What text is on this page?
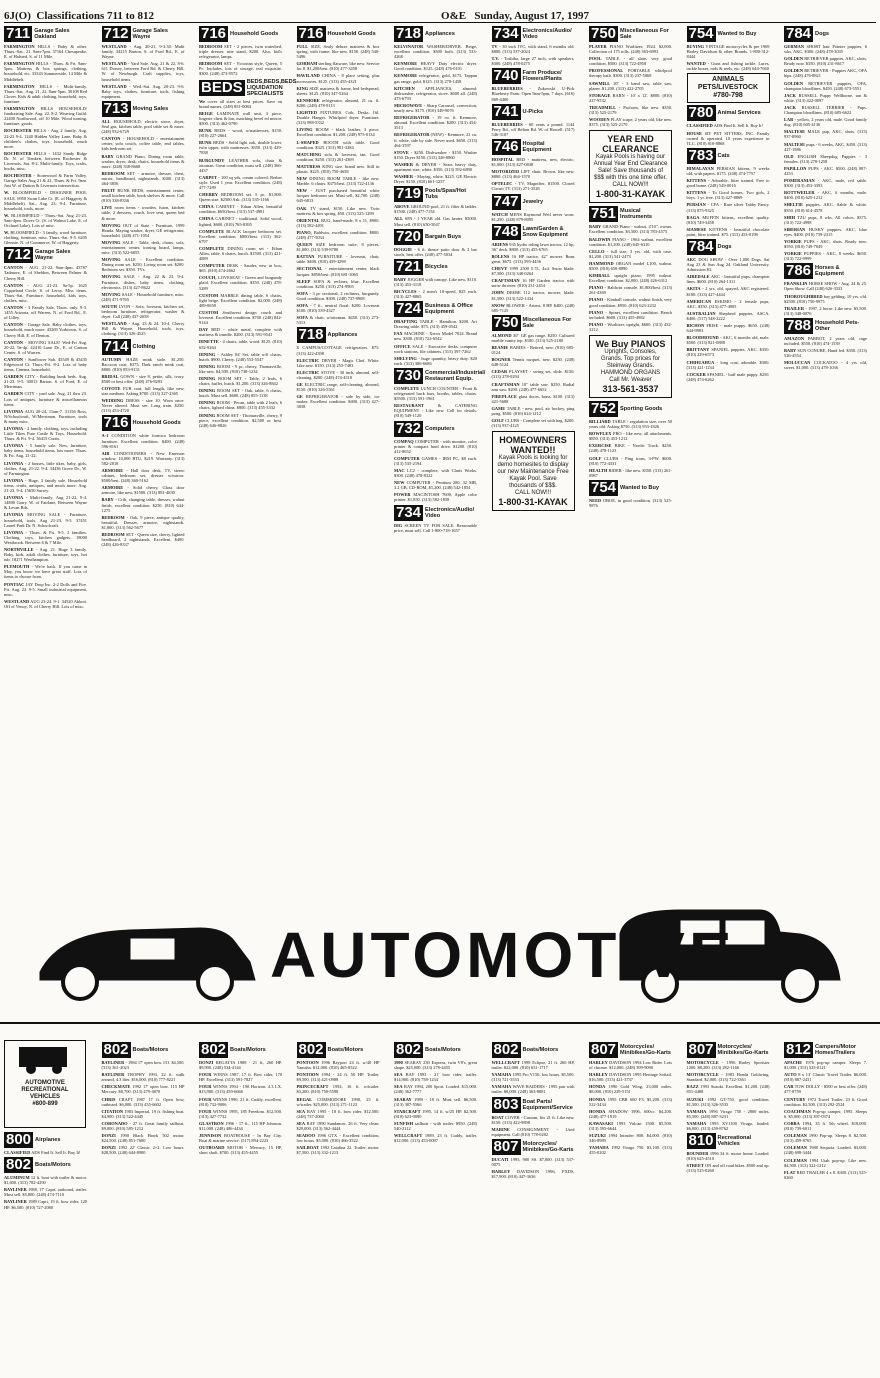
6J(O) Classifications 711 to 812	O&E Sunday, August 17, 1997
711 Garage Sales Oakland
FARMINGTON HILLS - Baby & other. Thurs.-Sat., 21. 9am-7pm. 37164 Chesapeake, E. of Halsted, S. of 11 Mile.
FARMINGTON HILLS - Thurs. & Fri. 9am-5pm. Mattress & box springs, clothing, household, etc. 33343 Summerside, 14 Mile & Middlebelt.
FARMINGTON HILLS - Multi-family. Thurs.-Sat., Aug. 21, 22. 8am-5pm. 30108 Red Clover. Kids & adult clothing, household, toys, furniture.
FARMINGTON HILLS HOUSEHOLD/ fundraising Sale. Aug. 22, 8-2. Weaving Guild. 22400 Northwood, off 10 Mile. Wood turning, furniture, goods.
ROCHESTER HILLS - Aug 2 family. Aug. 22-23 9-4. 1240 Hidden Valley Lane. Baby & children's clothes, toys, household, much more.
ROCHESTER HILLS - 1432 Sandy Ridge Dr. N. of Tienken, between Rochester & Livernois. Sat. 8-2. Multi-family. Toys, crafts, books, misc.
ROCHESTER - Stonewood & Farm Valley. Garage Sales Aug 21 & 22, Thurs. & Fri. 9am. Just W. of Dutton & Livernois intersection.
W. BLOOMFIELD - DESIGNER POOL SALE. 6950 Swan Lake Ct. (E. of Haggerty & Middlebelt). Sat., Aug. 23, 9-4. Furniture, household, tools, more.
W. BLOOMFIELD - Thurs.-Sat. Aug 21-23. 9am-4pm. Dover Ct. (S. of Walnut Lake, E. of Orchard Lake). Lots of misc.
W. BLOOMFIELD - 3 family, wood furniture, clothing, furniture, misc. Thurs.-Sat. 9-5. 6205 Glennie. N. of Commerce, W. of Haggerty.
712 Garage Sales Wayne
CANTON - AUG. 21-22, 9am-4pm. 43787 Tadmore, E. of Sheldon, Between Palmer & Cherry Hill.
CANTON - AUG 21-23. 9a-5p. 1625 Coppeland Circle, S. of Leroy. Misc items. Thurs.-Sat. Furniture, household, kids toys, clothes, misc.
CANTON - 3 Family Sale. Thurs. only. 9-3. 1455 Arizona, off Warren. N. of Ford Rd., E. of Lilley.
CANTON - Garage Sale. Baby clothes, toys, household, much more. 43269 Yorktown, S. of Cherry Hill, E. of Denton.
CANTON - MOVING SALE! Wed-Fri Aug. 20-22, 9a-4p. 42410 Lone Dr., E. of Canton Center, S. of Warren.
CANTON - Sunflower Sub. 45549 & 45435 Edgewood Ct. Thurs.-Fri. 8-2. Lots of baby items, Cinema, household.
GARDEN CITY - Building bunk beds. Aug. 21-23. 9-5. 30013 Barton. S. of Ford, E. of Merriman.
GARDEN CITY - yard sale. Aug. 21 thru 23. Lots of antiques, furniture & miscellaneous items.
LIVONIA AUG 20-24, 11am-7. 31156 Ross, N/Schoolcraft, W/Merriman. Furniture, tools & many misc.
LIVONIA - 2 family. clothing, toys, including Little Tikes Pure Castle & Toys. Household. Thurs. & Fri. 9-4. 36415 Curtis.
LIVONIA - 5 family sale. New, furniture, baby items, household items, lots more. Thurs. & Fri. Aug. 21-22.
LIVONIA - 2 houses, little tikes, baby, girls, clothes, Aug. 21-22. 9-4. 34436 Grove Dr., W. of Farmington.
LIVONIA - Huge, 3 family sale. Household items, crafts, antiques, and much more. Aug. 21-23. 9-4. 15650 Surrey.
LIVONIA - Multi-family. Aug 21-22, 9-4. 14800 Garry. W. of Fairlane, Between Wayne & Levan Rds.
LIVONIA MOVING SALE - Furniture, household, tools. Aug 21-23, 9-5. 37451 Laurel Park Dr. N. Schoolcraft.
LIVONIA - Thurs. & Fri. 9-5. 2 families. Clothing, toys, kitchen gadgets. 18000 Westbrook. Between 6 & 7 Mile.
NORTHVILLE - Aug. 21. Huge 3 family. Baby, kids, adult clothes, furniture, toys, hot tub. 18271 Westhampton.
PLYMOUTH - We're back. If you came in May, you know we have great stuff. Lots of items to choose from.
PONTIAC JAY Drop Inc. 2-2 Dolls and Fire. Fri. Aug. 22. 9-5. Small industrial equipment, misc.
WESTLAND AUG 23-24. 9-1. 34520 Abbott. Off of Venoy, N. of Cherry Hill. Lots of misc.
712 Garage Sales Wayne
WESTLAND - Aug. 20-21, 9-3:30. Multi family. 34215 Barton, S. of Ford Rd., E. of Wayne.
WESTLAND - Yard Sale. Aug. 21 & 22, 8-6. 611 Dorsey, between Ford Rd. & Cherry Hill, W. of Newburgh. Craft supplies, toys, household items.
WESTLAND - Wed.-Sat. Aug. 20-23. 9-6. Baby toys, clothes, furniture, tools, fishing equipment.
713 Moving Sales
ALL HOUSEHOLD, electric stove, dryer, Seal gas, kitchen table, pool table set & more. (248) 932-6729
CANTON - HOUSEHOLD - entertainment center, sofa couch, coffee table, end tables, kids bedroom set.
BABY GRAND Piano, Dining room table, washer, dryer, desk, chairs, household items & more. (248) 338-8668
BEDROOM SET - armoire, dresser, chest, mirror, headboard, nightstands. $300. (313) 464-3856
FRUIT BUNK BEDS, entertainment center, small kitchen table, book shelves & more. Call (810) 338-8336
LIVE room items - wooden, futon, kitchen table, 2 dressers, couch, love seat, queen bed & more.
MOVING OUT of State - Furniture, 1999 Honda. Maytag washer, dryer, GE refrigerator, household. (248) 471-1054
MOVING SALE - Table, desk, chairs, sofa, entertainment center, ironing board, lamps, misc. (313) 522-6855
MOVING SALE - Excellent condition. Dining room set. $250. Living room set. $200. Bedroom set. $350. TVs.
MOVING SALE - Aug. 22 & 23. 9-4. Furniture, dishes, baby items, clothing, electronics. (313) 427-8622
MOVING SALE - Household furniture, misc. (248) 471-9765
SOUTH LYON - Sofa, loveseat, kitchen set, bedroom furniture, refrigerator, washer & dryer. Call (248) 437-2658
WESTLAND - Aug. 23 & 24. 10-4. Cherry Hill & Wayne. Household, tools, toys, clothing. (313) 326-4525
714 Clothing
AUTUMN HAZE mink stole. $1,250. Raccoon coat, $375. Dark ranch mink coat, $800. (810) 853-9131
BRIDAL GOWN - size 8, petite, silk, ivory. $500 or best offer. (248) 476-8283
COYOTE FUR coat, full length, like new, size medium. Asking $700. (313) 327-2365
WEDDING DRESS - size 10. Worn once. Never altered. Must see. Long train. $250. (313) 453-4720
716 Household Goods
A-1 CONDITION white formica bedroom furniture. Excellent condition. $400. (248) 596-8161
AIR CONDITIONERS - New Emerson window, 10,000 BTU, $219. Warranty. (313) 582-2818
ARMOIRE - Hall door desk, TV, stereo cabinet, bedroom set, dresser w/mirror. $500/best. (248) 360-5162
ARMOIRE - Solid cherry, Glass door armoire, like new, $1500. (313) 881-4830
BABY - Crib, changing table, dresser, walnut finish, excellent condition. $250. (810) 644-1275
BEDROOM - Oak, 9 piece, antique quality, beautiful. Dresser, armoire, nightstands. $1,800. (313) 562-5677
BEDROOM SET - Queen size, cherry, lighted headboard, 2 nightstands. Excellent. $400. (248) 426-8337
716 Household Goods
BEDROOM SET - 2 pieces, twin waterbed, triple dresser, nite stand, $200. Also, kid's refrigerator, lamps.
BEDROOM SET - Victorian style, Queen, 5 Pc. Includes, lots of storage, real exquisite. $300. (248) 473-9572
BEDS BEDS,BEDS,BEDS LIQUIDATION SPECIALISTS
We cover all sizes at best prices. Save on brand names. (248) 851-0084
BEIGE LAMINATE wall unit, 3 piece, lingerie chest & bar, matching bevel ed mirror. $500. (313) 462-0790
BUNK BEDS - wood, w/mattresses, $150. (810) 227-2664
BUNK BEDS - Solid light oak, double lower, twin upper, with mattresses. $350. (313) 429-7838
BURGUNDY LEATHER sofa, chair & ottoman. Great condition, must sell. (248) 366-4437
CARPET - 100 sq yds, cream colored, Berber style. Used 1 year. Excellent condition. (248) 477-7289
CHERRY BEDROOM set. 5 pc. $1,800. Queen size. $2500 Ask. (313) 535-1166
CHINA CABINET - Ethan Allen, beautiful condition. $650/best. (313) 537-4981
CHINA CABINET - traditional. Solid wood, lighted, $600. (810) 765-8395
COMPLETE BLACK lacquer bedroom set. Excellent condition. $800/best. (313) 362-6797
COMPLETE DINING room set - Ethan Allen, table, 6 chairs, hutch. $1500. (313) 421-4889
COMPUTER DESK - Sauder, new in box, $65. (810) 474-2662
COUCH, LOVESEAT - Green and burgundy plaid. Excellent condition. $350. (248) 478-5289
CUSTOM MARBLE dining table, 6 chairs, light beige. Excellent condition. $2,000. (248) 489-0658
CUSTOM Southwest design couch and loveseat. Excellent condition. $700. (248) 842-9144
DAY BED - white metal, complete with mattress & trundle. $200. (313) 591-9541
DINETTE - 4 chairs, table, wood. $125. (810) 652-9264
DINING - Ashley 84' Set, table w/6 chairs, hutch. $900. Cherry. (248) 553-5547
DINING ROOM - 9 pc, cherry, Thomasville, like new. $4,500. (810) 738-1234
DINING ROOM SET - Table, 2 leafs, 6 chairs, buffet, hutch. $1,200. (313) 326-8842
DINING ROOM SET - Oak, table, 6 chairs, hutch. Must sell. $600. (248) 855-1138
DINING ROOM - Pecan, table with 2 leafs, 6 chairs, lighted china. $800. (313) 455-3332
DINING ROOM SET - Thomasville, cherry, 9 piece, excellent condition. $2,500 or best. (248) 646-8826
716 Household Goods
FULL SIZE, Sealy deluxe mattress & box spring, with frame, like new. $150. (248) 540-5496
GORHAM sterling flatware, like new. Service for 8. $1,200/best. (810) 477-3458
HAVILAND CHINA - 8 place setting, plus accessories. $125. (313) 455-4321
KING SIZE mattress & frame, bed bedspread, sheets. $125. (810) 347-5264
KENMORE refrigerator, almond, 21 cu. ft. $200. (248) 478-9113
LIGHTED FIXTURES. Crib, Desks. Oil. Double Hanger. Whirlpool dryer. Furniture. (313) 988-5332
LIVING ROOM - black leather, 3 piece. Excellent condition. $1,200. (248) 975-0134
L-SHAPED BOOTH with table. Good condition. $325. (313) 981-3284
MATCHING sofa & loveseat, tan. Good condition. $250. (313) 261-4369
MATTRESS KING size. brand new. Still in plastic. $225. (810) 750-4658
NEW DINING ROOM TABLE - like new. Marble. 6 chairs. $375/best. (313) 722-4136
NEW - JUST purchased beautiful white lacquer bedroom set. Must sell, $2,700. (248) 645-6813
OAK TV stand, $150. Like new. Twin mattress & box spring. $50. (313) 525-1299
ORIENTAL RUG, hand-made, 8 x 11, $900. (313) 582-4491
PIANO, Baldwin, excellent condition. $800. (248) 477-5034
QUEEN SIZE bedroom suite, 8 pieces, $1,000. (313) 539-8780
RATTAN FURNITURE - loveseat, chair, table. $400. (810) 459-3298
SECTIONAL - entertainment center, black lacquer. $850/best. (810) 681-3065
SLEEP SOFA & recliner, blue. Excellent condition. $250. (313) 274-9905
SOFA - 3 pc sectional, 2 recliners, burgundy. Good condition. $300. (248) 737-9908
SOFA - 7 ft., neutral floral. $200. Loveseat $100. (810) 539-4327
SOFA & chair, w/ottoman. $450. (313) 273-5313
718 Appliances
3 CAMPUS/COTTAGE refrigerators. $75. (313) 422-4398
ELECTRIC DRYER - Magic Chef, White. Like new. $150. (313) 255-7483
ELECTRIC STOVE - 30 inch, almond, self-cleaning. $200. (248) 474-4318
GE ELECTRIC range, self-cleaning, almond, $150. (810) 326-5561
GE REFRIGERATOR - side by side, ice maker. Excellent condition. $400. (313) 427-3838
718 Appliances
KELVINATOR WASHER/DRYER. Beige, excellent condition. $300 both. (313) 533-4268
KENMORE HEAVY Duty electric dryer. Good condition. $125. (248) 476-0101
KENMORE refrigerator, gold, $175. Tappan gas range, gold, $125. (313) 278-1458
KITCHEN APPLIANCES, almond: dishwasher, refrigerator, stove. $600 all. (248) 473-6793
MICROWAVE - Sharp Carousel, convection, nearly new. $175. (810) 349-9076
REFRIGERATOR - 19 cu. ft. Kenmore, almond. Excellent condition. $200. (313) 454-3513
REFRIGERATOR (NEW) - Kenmore, 21 cu. ft. white, side by side. Never used. $650. (313) 464-3597
STOVE - $250. Dishwasher - $150. Washer $150. Dryer $150. (313) 326-0860
WASHER & DRYER - Sears heavy duty, apartment size, white. $350. (313) 592-6890
WASHER - Maytag, white. $225. GE Electric Dryer. $150. (810) 661-1257
719 Pools/Spas/Hot Tubs
ABOVE GROUND pool, 21 ft. filter & ladder. $1500. (248) 477-7154
ALL SPA - 1 YEAR old. Gas heater. $5000. Must sell. (810) 650-5047
720 Bargain Buys
DOGGIE - 6 ft. theme patio door & 2 bar stools, best offer. (248) 477-5034
721 Bicycles
BABY JOGGER with canopy. Like new, $110. (313) 453-3118
BICYCLES - 2 men's 10-speed, $25 each. (313) 427-8865
724 Business & Office Equipment
DRAFTING TABLE - Hamilton. $200. Art Drawing table. $75. (313) 459-0542
FAX MACHINE - Xerox Model 7024. Brand new. $300. (810) 722-6542
OFFICE SALE - Executive desks, computer work stations, file cabinets. (313) 397-7262
SHELVING - huge quantity, heavy duty. $20 each. (313) 386-6686
730 Commercial/Industrial/ Restaurant Equip.
COMPLETE LUNCH COUNTER - Front & refrigerated back bars, booths, tables, chairs. $5500. (313) 591-1961
RESTAURANT & CATERING EQUIPMENT - Like new. Call for details. (810) 549-1120
732 Computers
COMPAQ COMPUTER - with monitor, color printer & compact hard drive. $1200. (810) 412-8652
COMPUTER GAMES - IBM PC, $8 each. (313) 535-2194
MAC LC2 - complete, with Claris Works. $300. (248) 478-8322
NEW COMPUTER - Pentium 200, 32 MB, 3.2 GB, CD-ROM, $1,200. (248) 542-1854
POWER MACINTOSH 7600, Apple color printer. $1,850. (313) 582-1858
734 Electronics/Audio/ Video
DIG SCREEN TV FOR SALE. Reasonable price, must sell. Call 1-800-718-1657
734 Electronics/Audio/ Video
TV - 30 inch JVC, with stand, 6 months old. $800. (313) 537-2024
T.V. - Toshiba, large 27 inch, with speakers. $300. (248) 478-0275
740 Farm Produce/ Flowers/Plants
BLUEBERRIES - Zukowski U-Pick Blueberry Farm. Open 9am-5pm, 7 days. (616) 869-4400
741 U-Picks
BLUEBERRIES - 60 cents a pound. 1144 Perry Rd., off Belton Rd. W. of Howell. (517) 546-3107
746 Hospital Equipment
HOSPITAL BED - mattress, new, electric. $1,000. (313) 427-0838
MOTORIZED LIFT chair. Brown, like new. $800. (313) 464-1570
OPTELEC - TV, Magnifier, $1500. Closed Circuit TV. (313) 271-3528
747 Jewelry
WATCH MENS Raymond Weil never worn. $1,250. (248) 879-8095
748 Lawn/Garden & Snow Equipment
ARIENS 935 hydro riding lawn tractor, 12 hp, 36" deck. $800. (313) 455-6765
BOLENS 16 HP tractor, 42" mower. Runs great. $675. (313) 595-4456
CHEVY 1999 2500 5.7L, 4x4. Snow blade. $7,500. (313) 348-0264
CRAFTSMAN 16 HP Garden tractor with snow thrower. (810) 231-2454
JOHN DEERE 112 tractor, mower, blade. $1,500. (313) 522-1434
SNOW BLOWER - Ariens, 8 HP. $400. (248) 685-7125
750 Miscellaneous For Sale
ALMOND 30" GE gas range, $250. Cultured marble vanity top. $100. (313) 525-2180
BEANIE BABIES - Retired, new. (810) 685-0124
BOGNER Tennis racquet, new. $250. (248) 648-5124
CEDAR PLAYSET - swing set, slide. $150. (313) 278-0294
CRAFTSMAN 10" table saw. $250. Radial arm saw. $200. (248) 477-6652
FIREPLACE glass doors, brass. $100. (313) 421-5688
GAME TABLE - new, pool, air hockey, ping pong. $500. (810) 624-1212
GOLF CLUBS - Complete set with bag. $200. (313) 937-4125
HOMEOWNERS WANTED!!
Kayak Pools is looking for demo homesites to display our new Maintenance Free Kayak Pool. Save thousands of $$$.
CALL NOW!!!
1-800-31-KAYAK
750 Miscellaneous For Sale
PLAYER PIANO Wurlitzer, 1924. $2,000. Collection of 175 rolls. (248) 363-6993
POOL TABLE - all slate, very good condition. $500. (313) 722-4958
PROFESSIONAL PORTABLE whirlpool therapy bath. $300. (313) 237-5068
SAWMILL 10" - 3 band saw, table saw, planer. $1,200. (313) 422-2705
STORAGE BARN - 10' x 12'. $800. (810) 227-9532
TREADMILL - Proform, like new. $350. (313) 525-2179
WOODEN PLAY scape, 2 years old, like new. $375. (313) 525-2179
YEAR END CLEARANCE
Kayak Pools is having our Annual Year End Clearance Sale! Save thousands of $$$ with this one time offer.
CALL NOW!!!
1-800-31-KAYAK
751 Musical Instruments
BABY GRAND Piano - walnut, 4'10", owner. Excellent condition. $3,500. (313) 783-4575
BALDWIN PIANO - 1964 walnut, excellent condition. $1,200. (248) 645-6310
CELLO - full size, 3 yrs. old, with case. $1,200. (313) 541-2473
HAMMOND ORGAN model L100, walnut. $500. (810) 650-8890
KIMBALL upright piano, 1995 walnut. Excellent condition. $2,000. (248) 426-6312
PIANO - Baldwin console. $1,800/best. (313) 261-4369
PIANO - Kimball console, walnut finish, very good condition. $950. (810) 623-2232
PIANO - Spinet, excellent condition. Bench included. $600. (313) 455-4982
PIANO - Wurlitzer, upright, $600. (313) 432-3212
We Buy PIANOS
Uprights, Consoles, Grands. Top prices for Steinway Grands.
HAMMOND ORGANS
Call Mr. Weaver
313-561-3537
752 Sporting Goods
BILLIARD TABLE - regulation size, over 50 years old. Asking $750. (313) 953-1826
BOWFLEX PRO - like new, all attachments. $850. (313) 453-1212
EXERCISE BIKE - Nordic Track. $250. (248) 478-1123
GOLF CLUBS - Ping irons, 3-PW. $600. (810) 772-4331
HEALTH RIDER - like new. $350. (313) 261-0987
754 Wanted to Buy
NEED OBOE, in good condition. (313) 525-9876
754 Wanted to Buy
BUYING VINTAGE motorcycles & pre 1969 Harley Davidson & other Brands. 1-800-312-8444
WANTED - Guns and fishing tackle. Lures, tackle boxes, rods & reels, etc. (248) 644-7660
ANIMALS
PETS/LIVESTOCK
#780-798
780 Animal Services
CLASSIFIED ADS Find It. Sell It. Buy It!
HOUSE SIT PET SITTERS, INC. Family owned & operated. 10 years experience in TLC. (810) 810-8868
783 Cats
HIMALAYAN PERSIAN kittens, 9 weeks old, with papers. $175. (248) 474-7757
KITTENS - Adorable, litter trained. Free to good home. (248) 549-0016
KITTENS - To Good homes. Two girls, 2 boys. 1 yr. free. (313) 427-8869
PERSIAN - CFA - Rare silver Tabby Fancy. (313) 875-9325
RAGA MUFFIN kittens, excellent quality. (810) 749-3458
SIAMESE KITTENS - beautiful chocolate point, litter trained. $75. (313) 453-0198
784 Dogs
AKC DOG SHOW - Over 1,000 Dogs. Sat Aug 23 & Sun Aug 24. Oakland University. Admission $3.
AIREDALE AKC - beautiful pups, champion lines. $600. (810) 264-1311
AKITA - 2 yrs. old, spayed, AKC registered. $100. (313) 427-4444
AMERICAN ESKIMO - 2 female pups, AKC. $350. (313) 477-4905
AUSTRALIAN Shepherd puppies. ASCA. $400. (517) 548-2222
BICHON FRISE - male puppy. $650. (248) 644-9983
BLOODHOUND - AKC, 6 months old, male. $500. (313) 821-0888
BRITTANY SPANIEL puppies, AKC. $350. (810) 229-6573
CHIHUAHUA - long coat, adorable. $300. (313) 421-1234
COCKER SPANIEL - buff male puppy. $250. (248) 474-6262
784 Dogs
GERMAN SHORT hair Pointer puppies, 6 wks, AKC. $300. (248) 478-3035
GOLDEN RETRIEVER puppies, AKC, shots. Ready now. $350. (810) 231-8617
GOLDEN RETRIEVER - Puppies AKC, OFA hips. (248) 476-8821
GOLDEN RETRIEVER puppies, OFA, champion bloodlines. $450. (248) 673-5551
JACK RUSSELL Puppy Wellborne, tan & white. (313) 422-0097
JACK RUSSELL TERRIER - Pups. Champion bloodlines. (810) 685-6622
LAB - yellow, 2 years old, male. Good family dog. (810) 605-4136
MALTESE MALE pup, AKC, shots. (313) 937-8960
MALTESE pups - 6 weeks, AKC. $450. (313) 427-1986
OLD ENGLISH Sheepdog Puppies - 3 females. (313) 278-1258
PAPILLON PUPS - AKC. $500. (248) 887-4253
POMERANIAN - AKC, male, red sable. $300. (313) 453-3393
ROTTWEILER - AKC, 6 months, male. $400. (810) 625-1212
SHELTIE puppies. AKC. Sable & white. $350. (810) 614-4578
SHIH TZU pups, 8 wks. All colors. $375. (313) 722-4998
SIBERIAN HUSKY puppies. AKC, blue eyes. $400. (810) 739-2315
YORKIE PUPS - AKC, shots. Ready now. $550. (810) 749-7049
YORKIE PUPPIES - AKC, 8 weeks. $650. (313) 722-9999
786 Horses & Equipment
FRANKLIN HORSE SHOW - Aug. 24 & 25. Open Show. Call (248) 626-3333
THOROUGHBRED bay gelding, 10 yrs. old. $2500. (810) 750-9975
TRAILER - 1997, 2 horse. Like new. $5,500. (313) 348-0076
788 Household Pets- Other
AMAZON PARROT, 2 years old, cage included. $550. (810) 474-1539
BABY SUN CONURE, Hand fed. $350. (313) 526-4554
MOLUCCAN COCKATOO - 4 yrs old, sweet. $1,000. (313) 478-1036
AUTOMOTIVE
AUTOMOTIVE
RECREATIONAL
VEHICLES
#800-899
800 Airplanes
CLASSIFIED ADS Find It. Sell It. Buy It!
802 Boats/Motors
ALUMINUM 12 ft. boat with trailer & motor. $1,600. (313) 782-4290
BAYLINER 1988, 17' Capri, outboard, trailer. Must sell. $5,800. (248) 474-7110
BAYLINER 1989 Capri, 19 ft. bow rider, 120 HP. $6,500. (810) 727-2080
802 Boats/Motors
BAYLINER - 1984 17' open bow. I/O. $4,500. (313) 361-2023
BAYLINER TROPHY 1993, 22 ft. walk around, 4.3 liter. $16,000. (810) 777-8221
CHECKMATE 1992 17' open bow. 115 HP Mercury. $8,700. (313) 479-4870
CHRIS CRAFT 1987 17 ft. Open bow, outboard. $6,000. (313) 455-6602
CITATION 1983 Imperial, 19 ft. fishing boat. $4,900. (313) 522-4445
CORONADO - 27 ft. Great family sailboat. $9,000. (810) 585-1212
DONZI 1990 Black Hawk 502 motor. $24,500. (248) 851-7600
DONZI 1992 22' Classic 2+2. Low hours. $28,500. (248) 644-8900
802 Boats/Motors
DONZI REGATTA 1988 - 21 ft., 260 HP. $9,900. (248) 534-4144
FOUR WINNS 1987, 17 ft. Bow rider, 170 HP. Excellent. (313) 591-7827
FOUR WINNS 1994 - 190 Horizon. 4.3 LX. $13,900. (313) 459-6666
FOUR WINNS 1990, 21 ft. Cuddy, excellent. (810) 732-9006
FOUR WINNS 1995, 185 Freedom. $12,500. (313) 427-7732
GLASTRON 1996 - 17 ft., 115 HP Johnson. $11,000. (248) 486-4434
JENNISON BOATHOUSE - In Bay City. Boat & marine service. (517) 894-2223
OUTBOARD MOTOR - Mercury, 15 HP, short shaft. $700. (313) 455-4455
802 Boats/Motors
PONTOON 1996 Bayport 24 ft. w/40 HP Yamaha. $12,000. (810) 465-0522
PONTOON 1994 - 24 ft. 50 HP. Trailer. $9,500. (313) 421-0988
PRINCECRAFT 1994, 16 ft. w/trailer. $3,200. (810) 750-5598
REGAL COMMODORE 1990, 25 ft. w/trailer. $25,000. (313) 271-1123
SEA RAY 1995 - 18 ft. bow rider. $12,500. (248) 737-2060
SEA RAY 1990 Sundancer, 26 ft. Very clean. $29,000. (313) 562-4444
SEADOO 1996 GTX - Excellent condition, low hours. $5,000. (810) 466-3522
SAILBOAT 1992 Catalina 22. Trailer, motor. $7,500. (313) 332-1213
802 Boats/Motors
1990 SEARAY 230 Express, twin V8's, great shape. $25,000. (313) 278-4455
SEA RAY 1993 - 21' bow rider, trailer. $14,900. (810) 758-1234
SEA RAY 1994, 200 Sport. Loaded. $15,000. (248) 362-7777
SEARAY 1989 - 18 ft. Must sell. $6,500. (313) 387-5566
STARCRAFT 1995, 14 ft. w/25 HP. $2,500. (810) 623-0090
SUNFISH sailboat - with trailer. $950. (248) 540-2112
WELLCRAFT 1989, 23 ft. Cuddy, trailer. $12,000. (313) 453-0097
802 Boats/Motors
WELLCRAFT 1998 Eclipse, 21 ft. 260 HP, trailer. $22,000. (810) 651-1717
YAMAHA 1995 Pro V150, low hours. $5,500. (313) 721-5533
YAMAHA WAVE RAIDERS - 1995 pair with trailer. $8,000. (248) 363-8881
803 Boat Parts/ Equipment/Service
BOAT COVER - Custom, fits 21 ft. Like new. $150. (313) 422-9898
MARINE CONSIGNMENT - Used equipment. Call (810) 778-0202
807 Motorcycles/ Minibikes/Go-Karts
DUCATI 1995, 900 SS. $7,000. (313) 537-0075
HARLEY DAVIDSON 1996, FXDS, $17,900. (810) 447-3636
807 Motorcycles/ Minibikes/Go-Karts
HARLEY DAVIDSON 1994 Low Rider. Lots of chrome. $12,000. (248) 399-9090
HARLEY DAVIDSON 1995 Heritage Softail. $16,500. (313) 421-3737
HONDA 1990 Gold Wing, 23,000 miles. $8,000. (810) 229-5151
HONDA 1995 CBR 600 F3. $5,200. (313) 522-3434
HONDA SHADOW 1996, 600cc. $4,200. (248) 477-1919
KAWASAKI 1993 Vulcan 1500. $5,500. (313) 595-6644
SUZUKI 1994 Intruder 800. $4,000. (810) 346-8989
YAMAHA 1992 Virago 750. $3,100. (313) 455-0202
807 Motorcycles/ Minibikes/Go-Karts
MOTORCYCLE - 1996 Harley Sportster 1200. $8,200. (313) 282-1166
MOTORCYCLE - 1983 Honda Goldwing. Standard. $2,000. (313) 722-3361
RAZZ 1993 Suzuki. Excellent. $1,200. (248) 851-4488
SUZUKI 1992 GT-750, good condition. $1,500. (313) 326-3535
YAMAHA 1996 Virago 750 - 2800 miles. $5,500. (248) 887-3231
YAMAHA 1995 XV1100 Virago, loaded. $6,000. (313) 459-8762
810 Recreational Vehicles
BOUNDER 1996 34 ft. motor home. Loaded. (810) 625-4510
STREET ON and off road bikes. $500 and up. (313) 525-0260
812 Campers/Motor Homes/Trailers
APACHE 1976 pop-up camper. Sleeps 7. $1,000. (313) 525-0121
AUTO 8 x 13' Classic Travel Trailer. $6,000. (810) 887-2431
CAR TOW DOLLY - $500 or best offer. (248) 477-8759
CENTURY 1972 Travel Trailer, 23 ft. Good condition. $2,500. (313) 292-2524
COACHMAN Pop-up camper, 1995. Sleeps 6. $5,000. (313) 397-0374
COBRA 1994, 35 ft. 5th wheel. $18,000. (810) 739-6011
COLEMAN 1990 Pop-up. Sleeps 8. $2,500. (313) 459-8765
COLEMAN 1988 Sequoia. Loaded. $3,000. (248) 698-3444
COLEMAN 1994 Utah pop-up. Like new. $4,500. (313) 322-1212
FLAT BED TRAILER 4 x 8. $300. (313) 525-0260
